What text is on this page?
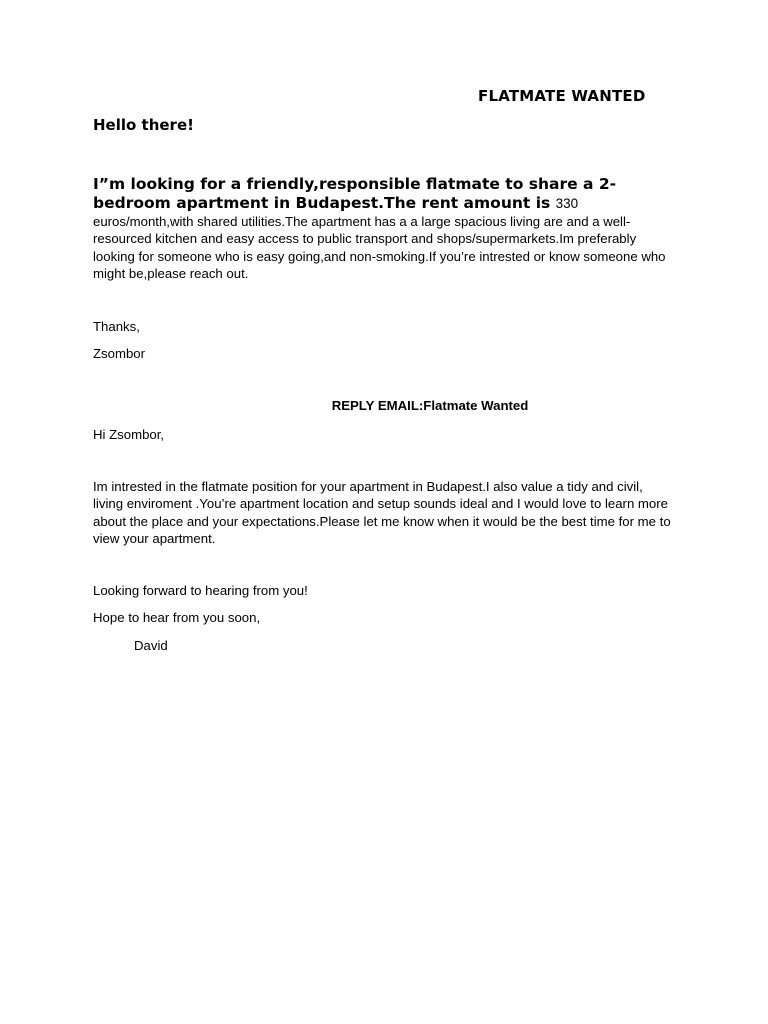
FLATMATE WANTED
Hello there!
I”m looking for a friendly,responsible flatmate to share a 2-bedroom apartment in Budapest.The rent amount is 330
euros/month,with shared utilities.The apartment has a a large spacious living are and a well-resourced kitchen and easy access to public transport and shops/supermarkets.Im preferably looking for someone who is easy going,and non-smoking.If you’re intrested or know someone who might be,please reach out.
Thanks,
Zsombor
REPLY EMAIL:Flatmate Wanted
Hi Zsombor,
Im intrested in the flatmate position for your apartment in Budapest.I also value a tidy and civil, living enviroment .You’re apartment location and setup sounds ideal and I would love to learn more about the place and your expectations.Please let me know when it would be the best time for me to view your apartment.
Looking forward to hearing from you!
Hope to hear from you soon,
David
